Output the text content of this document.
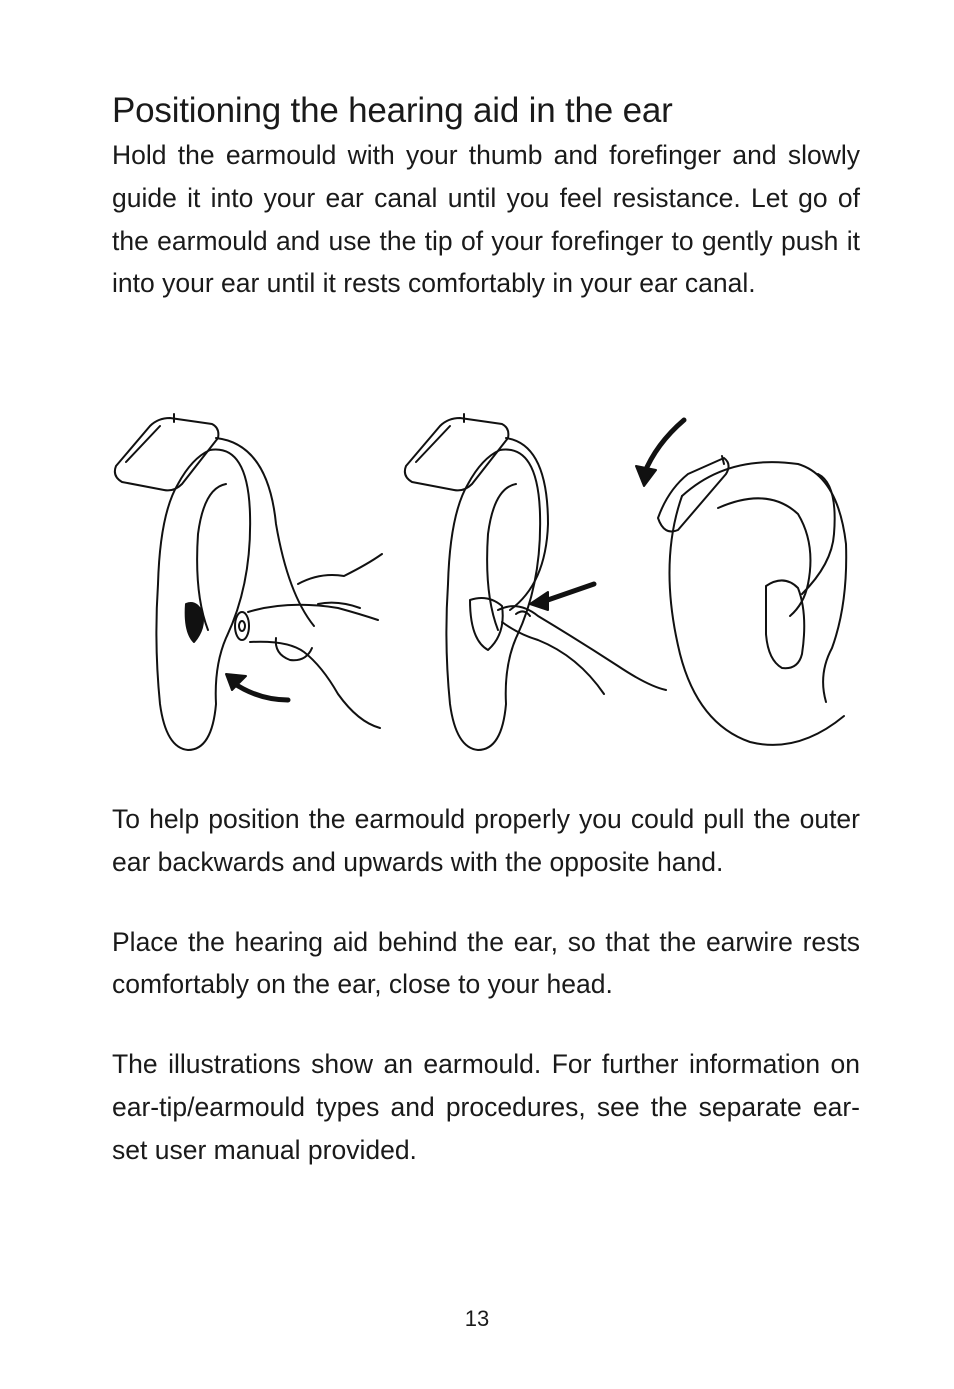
Positioning the hearing aid in the ear

Hold the earmould with your thumb and forefinger and slowly guide it into your ear canal until you feel resistance. Let go of the earmould and use the tip of your forefinger to gently push it into your ear until it rests comfortably in your ear canal.

To help position the earmould properly you could pull the outer ear backwards and upwards with the opposite hand.

Place the hearing aid behind the ear, so that the earwire rests comfortably on the ear, close to your head.

The illustrations show an earmould. For further information on ear-tip/earmould types and procedures, see the separate ear-set user manual provided.

13
